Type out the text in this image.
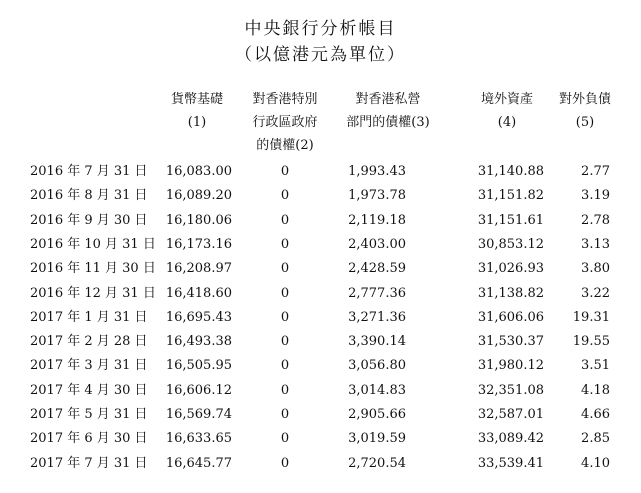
中央銀行分析帳目
（以億港元為單位）
貨幣基礎
(1)
對香港特別
行政區政府
的債權(2)
對香港私營
部門的債權(3)
境外資產
(4)
對外負債
(5)
2016 年 7 月 31 日	16,083.00	0	1,993.43	31,140.88	2.77
2016 年 8 月 31 日	16,089.20	0	1,973.78	31,151.82	3.19
2016 年 9 月 30 日	16,180.06	0	2,119.18	31,151.61	2.78
2016 年 10 月 31 日 16,173.16	0	2,403.00	30,853.12	3.13
2016 年 11 月 30 日 16,208.97	0	2,428.59	31,026.93	3.80
2016 年 12 月 31 日 16,418.60	0	2,777.36	31,138.82	3.22
2017 年 1 月 31 日	16,695.43	0	3,271.36	31,606.06	19.31
2017 年 2 月 28 日	16,493.38	0	3,390.14	31,530.37	19.55
2017 年 3 月 31 日	16,505.95	0	3,056.80	31,980.12	3.51
2017 年 4 月 30 日	16,606.12	0	3,014.83	32,351.08	4.18
2017 年 5 月 31 日	16,569.74	0	2,905.66	32,587.01	4.66
2017 年 6 月 30 日	16,633.65	0	3,019.59	33,089.42	2.85
2017 年 7 月 31 日	16,645.77	0	2,720.54	33,539.41	4.10
